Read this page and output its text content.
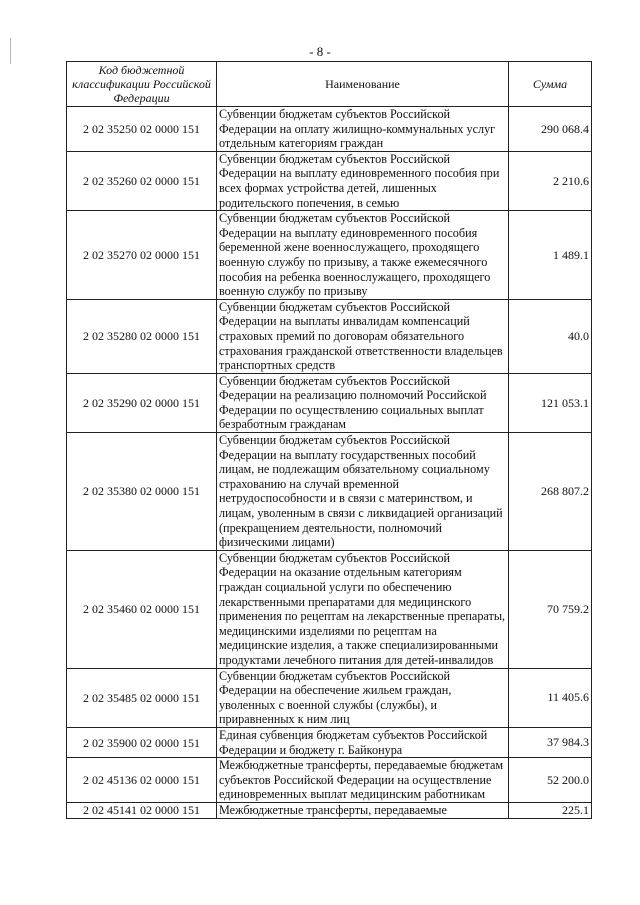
- 8 -
Код бюджетной классификации Российской Федерации	Наименование	Сумма
2 02 35250 02 0000 151	Субвенции бюджетам субъектов Российской Федерации на оплату жилищно-коммунальных услуг отдельным категориям граждан	290 068.4
2 02 35260 02 0000 151	Субвенции бюджетам субъектов Российской Федерации на выплату единовременного пособия при всех формах устройства детей, лишенных родительского попечения, в семью	2 210.6
2 02 35270 02 0000 151	Субвенции бюджетам субъектов Российской Федерации на выплату единовременного пособия беременной жене военнослужащего, проходящего военную службу по призыву, а также ежемесячного пособия на ребенка военнослужащего, проходящего военную службу по призыву	1 489.1
2 02 35280 02 0000 151	Субвенции бюджетам субъектов Российской Федерации на выплаты инвалидам компенсаций страховых премий по договорам обязательного страхования гражданской ответственности владельцев транспортных средств	40.0
2 02 35290 02 0000 151	Субвенции бюджетам субъектов Российской Федерации на реализацию полномочий Российской Федерации по осуществлению социальных выплат безработным гражданам	121 053.1
2 02 35380 02 0000 151	Субвенции бюджетам субъектов Российской Федерации на выплату государственных пособий лицам, не подлежащим обязательному социальному страхованию на случай временной нетрудоспособности и в связи с материнством, и лицам, уволенным в связи с ликвидацией организаций (прекращением деятельности, полномочий физическими лицами)	268 807.2
2 02 35460 02 0000 151	Субвенции бюджетам субъектов Российской Федерации на оказание отдельным категориям граждан социальной услуги по обеспечению лекарственными препаратами для медицинского применения по рецептам на лекарственные препараты, медицинскими изделиями по рецептам на медицинские изделия, а также специализированными продуктами лечебного питания для детей-инвалидов	70 759.2
2 02 35485 02 0000 151	Субвенции бюджетам субъектов Российской Федерации на обеспечение жильем граждан, уволенных с военной службы (службы), и приравненных к ним лиц	11 405.6
2 02 35900 02 0000 151	Единая субвенция бюджетам субъектов Российской Федерации и бюджету г. Байконура	37 984.3
2 02 45136 02 0000 151	Межбюджетные трансферты, передаваемые бюджетам субъектов Российской Федерации на осуществление единовременных выплат медицинским работникам	52 200.0
2 02 45141 02 0000 151	Межбюджетные трансферты, передаваемые	225.1
